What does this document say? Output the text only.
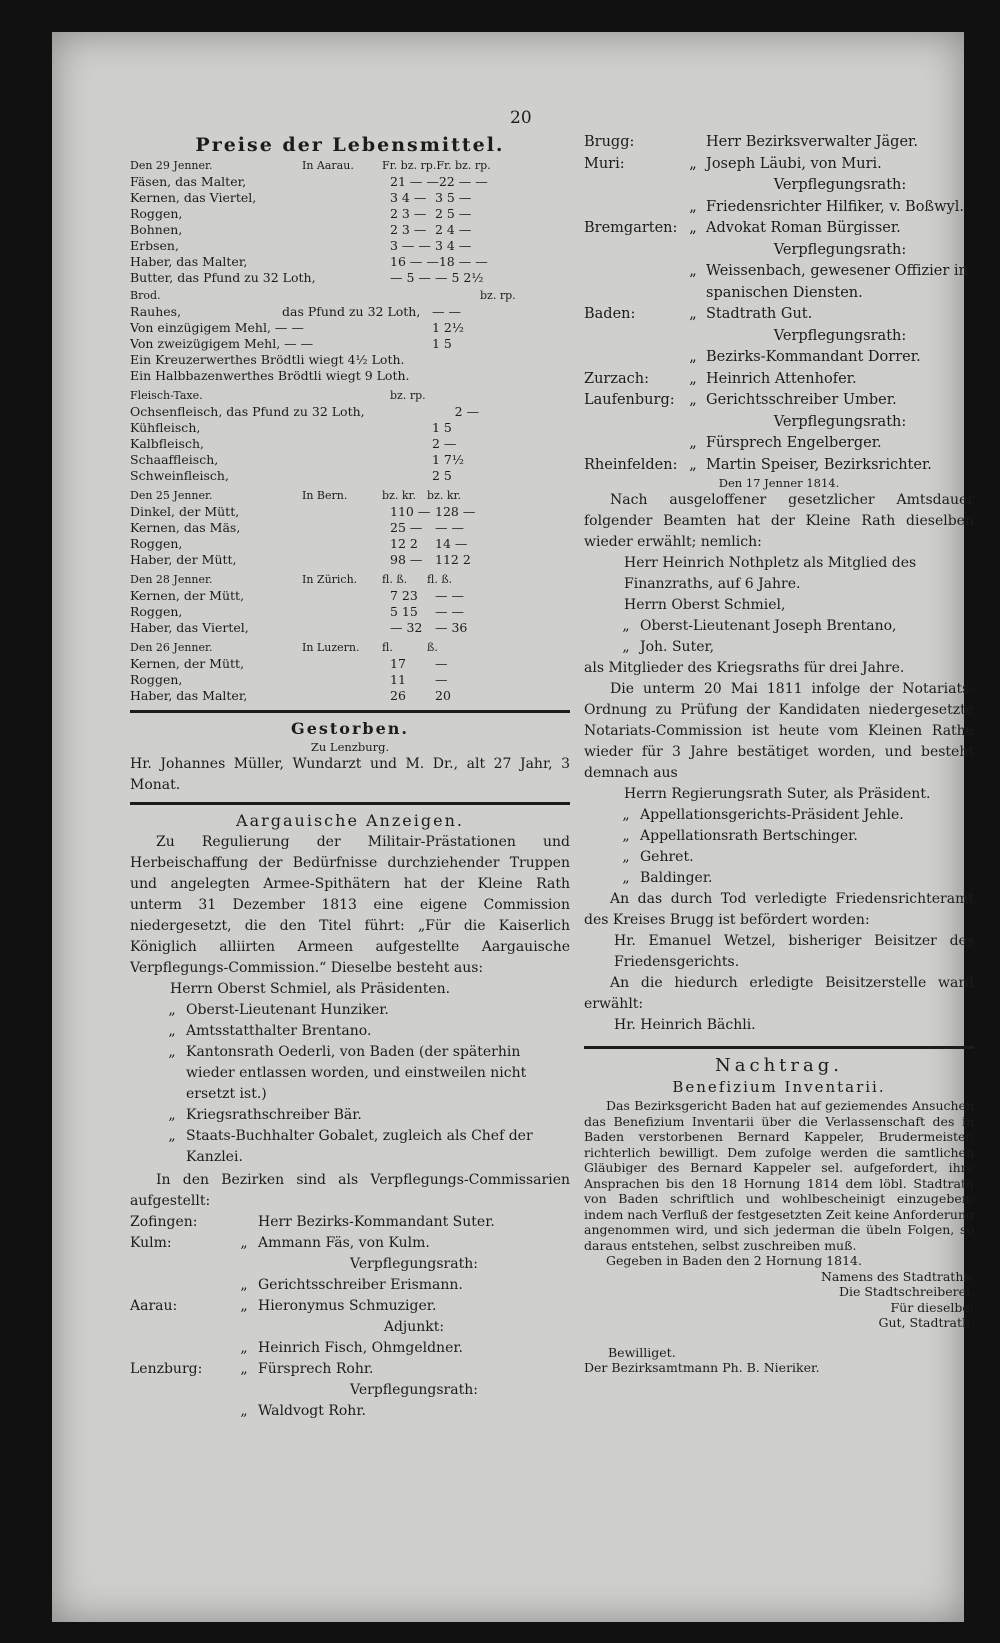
20
Preise der Lebensmittel.
Den 29 Jenner.	In Aarau.	Fr. bz. rp. Fr. bz. rp.
Fäsen, das Malter,	21 — — 22 — —
Kernen, das Viertel,	3 4 — 3 5 —
Roggen,	2 3 — 2 5 —
Bohnen,	2 3 — 2 4 —
Erbsen,	3 — — 3 4 —
Haber, das Malter,	16 — — 18 — —
Butter, das Pfund zu 32 Loth,	— 5 — — 5 2½
Brod.	bz. rp.
Rauhes,	das Pfund zu 32 Loth, — —
Von einzügigem Mehl, — —	1 2½
Von zweizügigem Mehl, — —	1 5
Ein Kreuzerwerthes Brödtli wiegt 4½ Loth.
Ein Halbbazenwerthes Brödtli wiegt 9 Loth.
Fleisch-Taxe.	bz. rp.
Ochsenfleisch, das Pfund zu 32 Loth,	2 —
Kühfleisch,	1 5
Kalbfleisch,	2 —
Schaaffleisch,	1 7½
Schweinfleisch,	2 5
Den 25 Jenner.	In Bern.	bz. kr. bz. kr.
Dinkel, der Mütt,	110 — 128 —
Kernen, das Mäs,	25 —	— —
Roggen,	12 2	14 —
Haber, der Mütt,	98 —	112 2
Den 28 Jenner.	In Zürich.	fl. ß.	fl. ß.
Kernen, der Mütt,	7 23	— —
Roggen,	5 15	— —
Haber, das Viertel,	— 32	— 36
Den 26 Jenner.	In Luzern.	fl.	ß.
Kernen, der Mütt,	17	—
Roggen,	11	—
Haber, das Malter,	26	20
Gestorben.
Zu Lenzburg.

Hr. Johannes Müller, Wundarzt und M. Dr., alt 27 Jahr, 3 Monat.

Aargauische Anzeigen.

Zu Regulierung der Militair-Prästationen und Herbeischaffung der Bedürfnisse durchziehender Truppen und angelegten Armee-Spithätern hat der Kleine Rath unterm 31 Dezember 1813 eine eigene Commission niedergesetzt, die den Titel führt: „Für die Kaiserlich Königlich alliirten Armeen aufgestellte Aargauische Verpflegungs-Commission.“ Dieselbe besteht aus:

Herrn Oberst Schmiel, als Präsidenten.
„ Oberst-Lieutenant Hunziker.
„ Amtsstatthalter Brentano.
„ Kantonsrath Oederli, von Baden (der späterhin wieder entlassen worden, und einstweilen nicht ersetzt ist.)
„ Kriegsrathschreiber Bär.
„ Staats-Buchhalter Gobalet, zugleich als Chef der Kanzlei.

In den Bezirken sind als Verpflegungs-Commissarien aufgestellt:

Zofingen:	Herr Bezirks-Kommandant Suter.
Kulm:	„ Ammann Fäs, von Kulm.
Verpflegungsrath:
„ Gerichtsschreiber Erismann.
Aarau:	„ Hieronymus Schmuziger.
Adjunkt:
„ Heinrich Fisch, Ohmgeldner.
Lenzburg:	„ Fürsprech Rohr.
Verpflegungsrath:
„ Waldvogt Rohr.
Brugg:	Herr Bezirksverwalter Jäger.
Muri:	„ Joseph Läubi, von Muri.
Verpflegungsrath:
„ Friedensrichter Hilfiker, v. Boßwyl.
Bremgarten: „ Advokat Roman Bürgisser.
Verpflegungsrath:
„ Weissenbach, gewesener Offizier in spanischen Diensten.
Baden:	„ Stadtrath Gut.
Verpflegungsrath:
„ Bezirks-Kommandant Dorrer.
Zurzach:	„ Heinrich Attenhofer.
Laufenburg:	„ Gerichtsschreiber Umber.
Verpflegungsrath:
„ Fürsprech Engelberger.
Rheinfelden: „ Martin Speiser, Bezirksrichter.
Den 17 Jenner 1814.

Nach ausgeloffener gesetzlicher Amtsdauer folgender Beamten hat der Kleine Rath dieselben wieder erwählt; nemlich:

Herr Heinrich Nothpletz als Mitglied des Finanzraths, auf 6 Jahre.
Herrn Oberst Schmiel,
„ Oberst-Lieutenant Joseph Brentano,
„ Joh. Suter,

als Mitglieder des Kriegsraths für drei Jahre.

Die unterm 20 Mai 1811 infolge der Notariats-Ordnung zu Prüfung der Kandidaten niedergesetzte Notariats-Commission ist heute vom Kleinen Rathe wieder für 3 Jahre bestätiget worden, und besteht demnach aus

Herrn Regierungsrath Suter, als Präsident.
„ Appellationsgerichts-Präsident Jehle.
„ Appellationsrath Bertschinger.
„ Gehret.
„ Baldinger.

An das durch Tod verledigte Friedensrichteramt des Kreises Brugg ist befördert worden:

Hr. Emanuel Wetzel, bisheriger Beisitzer des Friedensgerichts.

An die hiedurch erledigte Beisitzerstelle ward erwählt:

Hr. Heinrich Bächli.

Nachtrag.
Benefizium Inventarii.

Das Bezirksgericht Baden hat auf geziemendes Ansuchen das Benefizium Inventarii über die Verlassenschaft des in Baden verstorbenen Bernard Kappeler, Brudermeister, richterlich bewilligt. Dem zufolge werden die samtlichen Gläubiger des Bernard Kappeler sel. aufgefordert, ihre Ansprachen bis den 18 Hornung 1814 dem löbl. Stadtrath von Baden schriftlich und wohlbescheinigt einzugeben; indem nach Verfluß der festgesetzten Zeit keine Anforderung angenommen wird, und sich jederman die übeln Folgen, so daraus entstehen, selbst zuschreiben muß.

Gegeben in Baden den 2 Hornung 1814.

Namens des Stadtraths:

Die Stadtschreiberei.

Für dieselbe:

Gut, Stadtrath.

Bewilliget.

Der Bezirksamtmann Ph. B. Nieriker.
